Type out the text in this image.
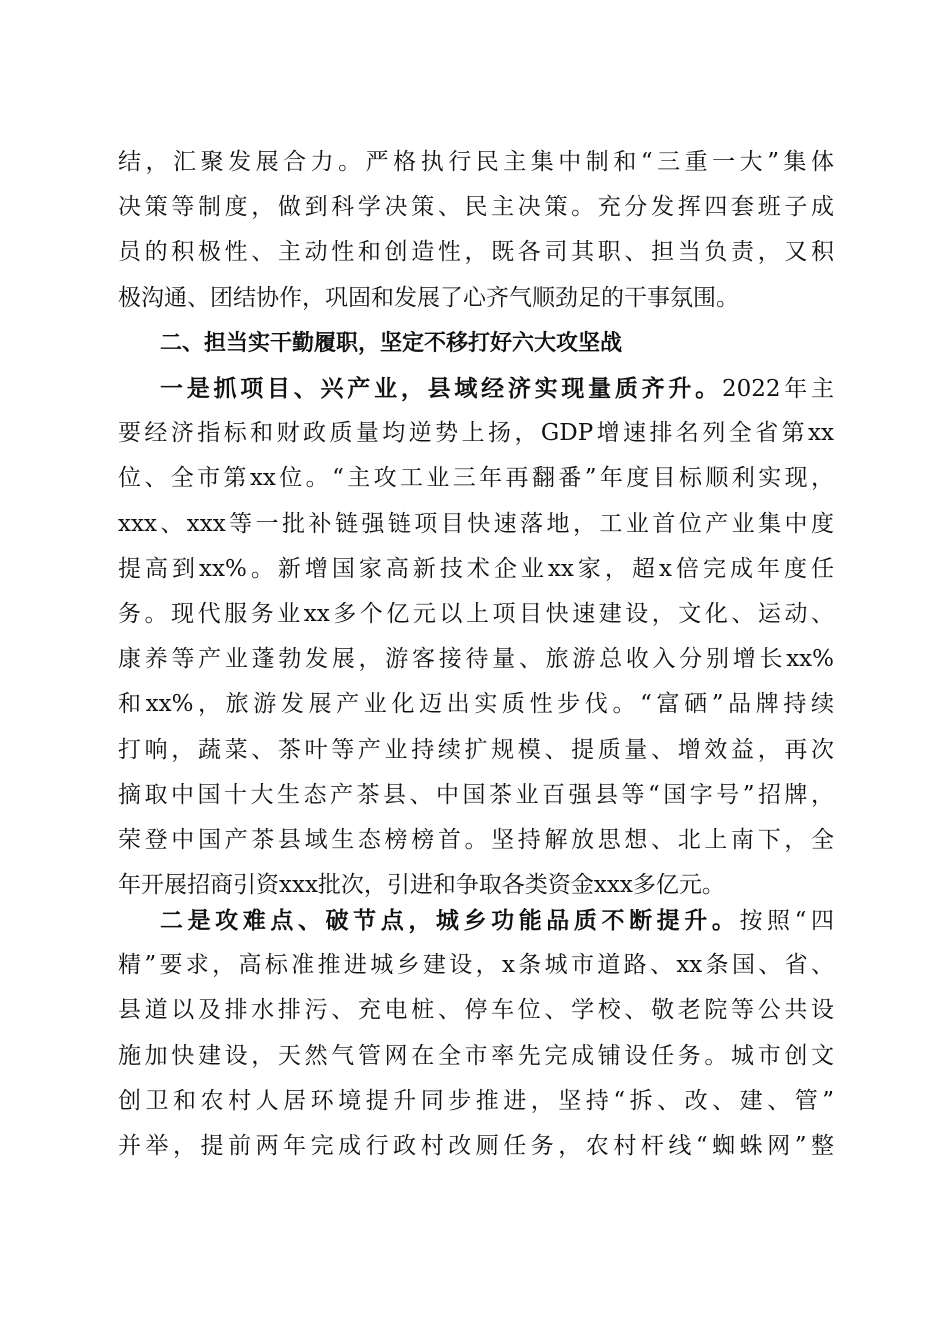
结，汇聚发展合力。严格执行民主集中制和“三重一大”集体
决策等制度，做到科学决策、民主决策。充分发挥四套班子成
员的积极性、主动性和创造性，既各司其职、担当负责，又积
极沟通、团结协作，巩固和发展了心齐气顺劲足的干事氛围。
二、担当实干勤履职，坚定不移打好六大攻坚战
一是抓项目、兴产业，县域经济实现量质齐升。2022年主
要经济指标和财政质量均逆势上扬，GDP增速排名列全省第xx
位、全市第xx位。“主攻工业三年再翻番”年度目标顺利实现，
xxx、xxx等一批补链强链项目快速落地，工业首位产业集中度
提高到xx%。新增国家高新技术企业xx家，超x倍完成年度任
务。现代服务业xx多个亿元以上项目快速建设，文化、运动、
康养等产业蓬勃发展，游客接待量、旅游总收入分别增长xx%
和xx%，旅游发展产业化迈出实质性步伐。“富硒”品牌持续
打响，蔬菜、茶叶等产业持续扩规模、提质量、增效益，再次
摘取中国十大生态产茶县、中国茶业百强县等“国字号”招牌，
荣登中国产茶县域生态榜榜首。坚持解放思想、北上南下，全
年开展招商引资xxx批次，引进和争取各类资金xxx多亿元。
二是攻难点、破节点，城乡功能品质不断提升。按照“四
精”要求，高标准推进城乡建设，x条城市道路、xx条国、省、
县道以及排水排污、充电桩、停车位、学校、敬老院等公共设
施加快建设，天然气管网在全市率先完成铺设任务。城市创文
创卫和农村人居环境提升同步推进，坚持“拆、改、建、管”
并举，提前两年完成行政村改厕任务，农村杆线“蜘蛛网”整
